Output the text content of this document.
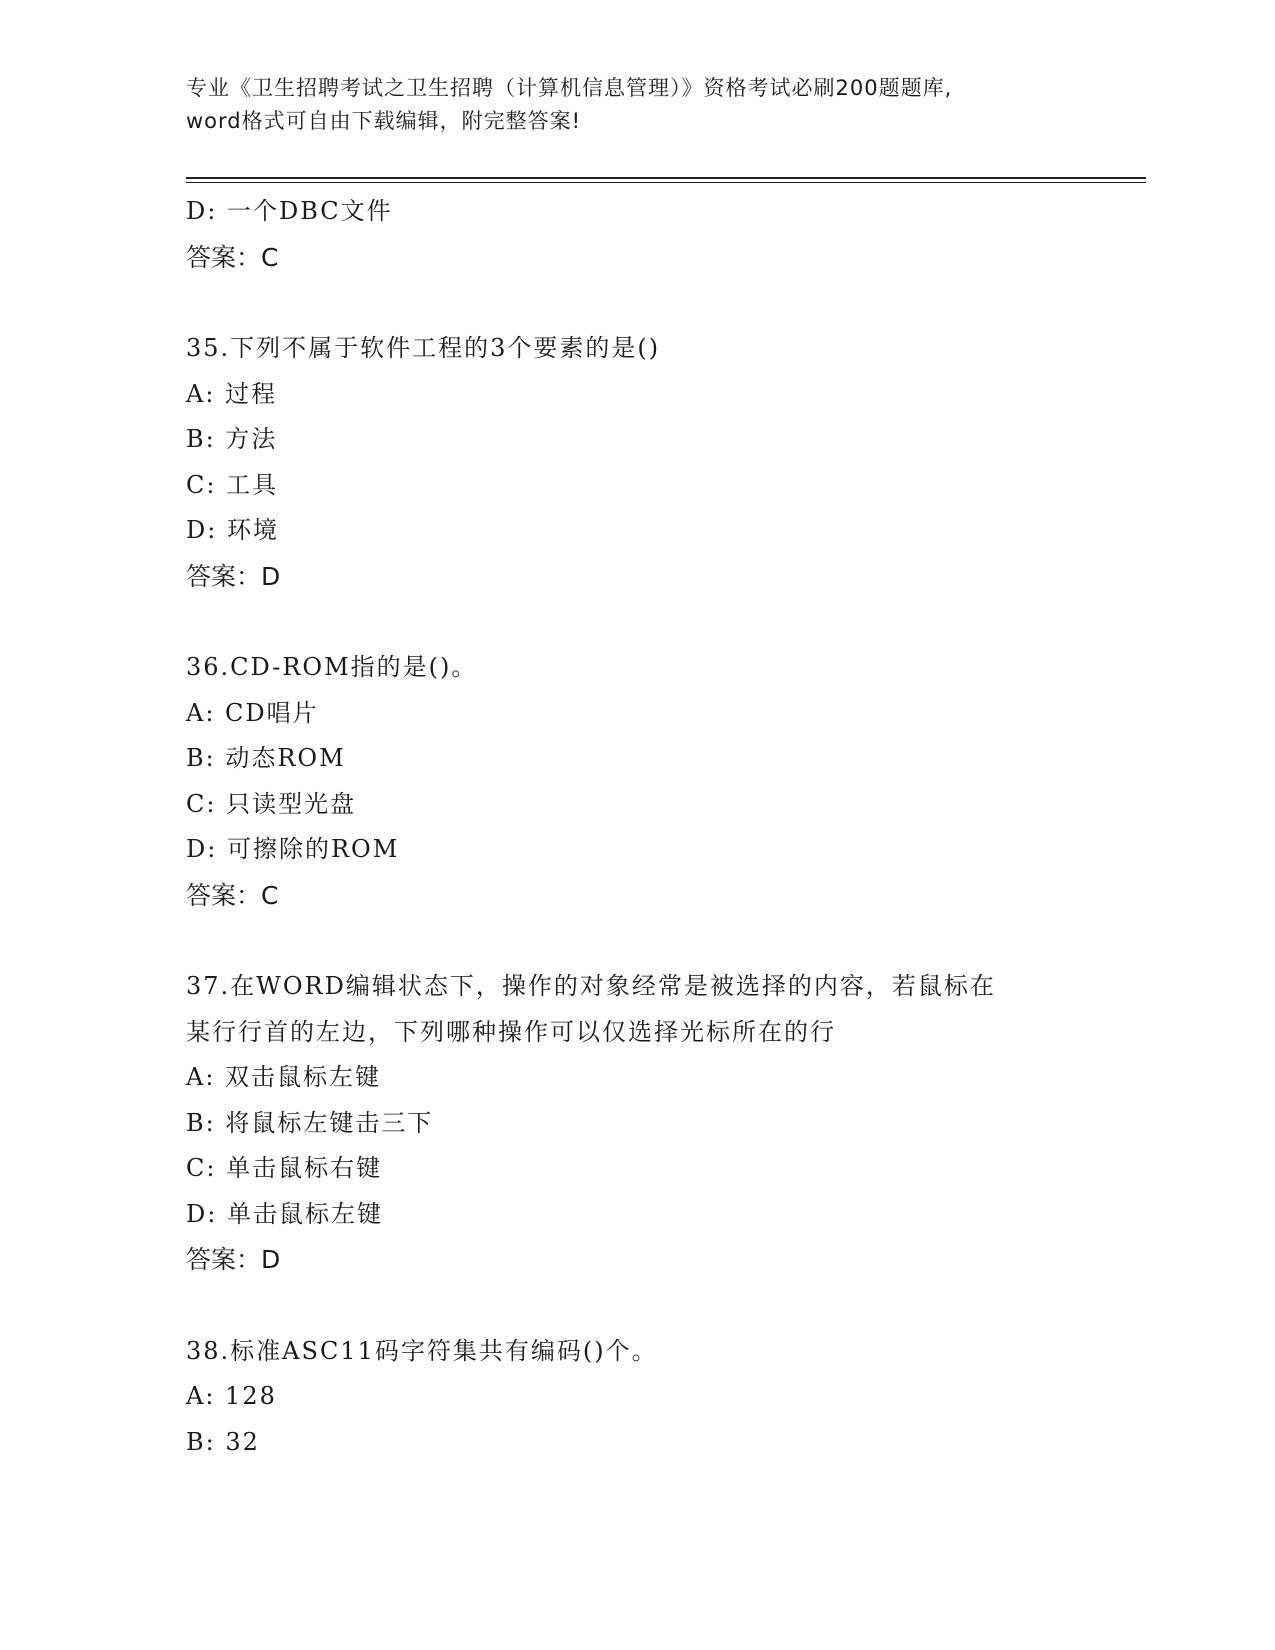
专业《卫生招聘考试之卫生招聘（计算机信息管理）》资格考试必刷200题题库,
word格式可自由下载编辑，附完整答案!
D: 一个DBC文件
答案：C
35.下列不属于软件工程的3个要素的是()
A: 过程
B: 方法
C: 工具
D: 环境
答案：D
36.CD-ROM指的是()。
A: CD唱片
B: 动态ROM
C: 只读型光盘
D: 可擦除的ROM
答案：C
37.在WORD编辑状态下，操作的对象经常是被选择的内容，若鼠标在
某行行首的左边，下列哪种操作可以仅选择光标所在的行
A: 双击鼠标左键
B: 将鼠标左键击三下
C: 单击鼠标右键
D: 单击鼠标左键
答案：D
38.标准ASC11码字符集共有编码()个。
A: 128
B: 32
